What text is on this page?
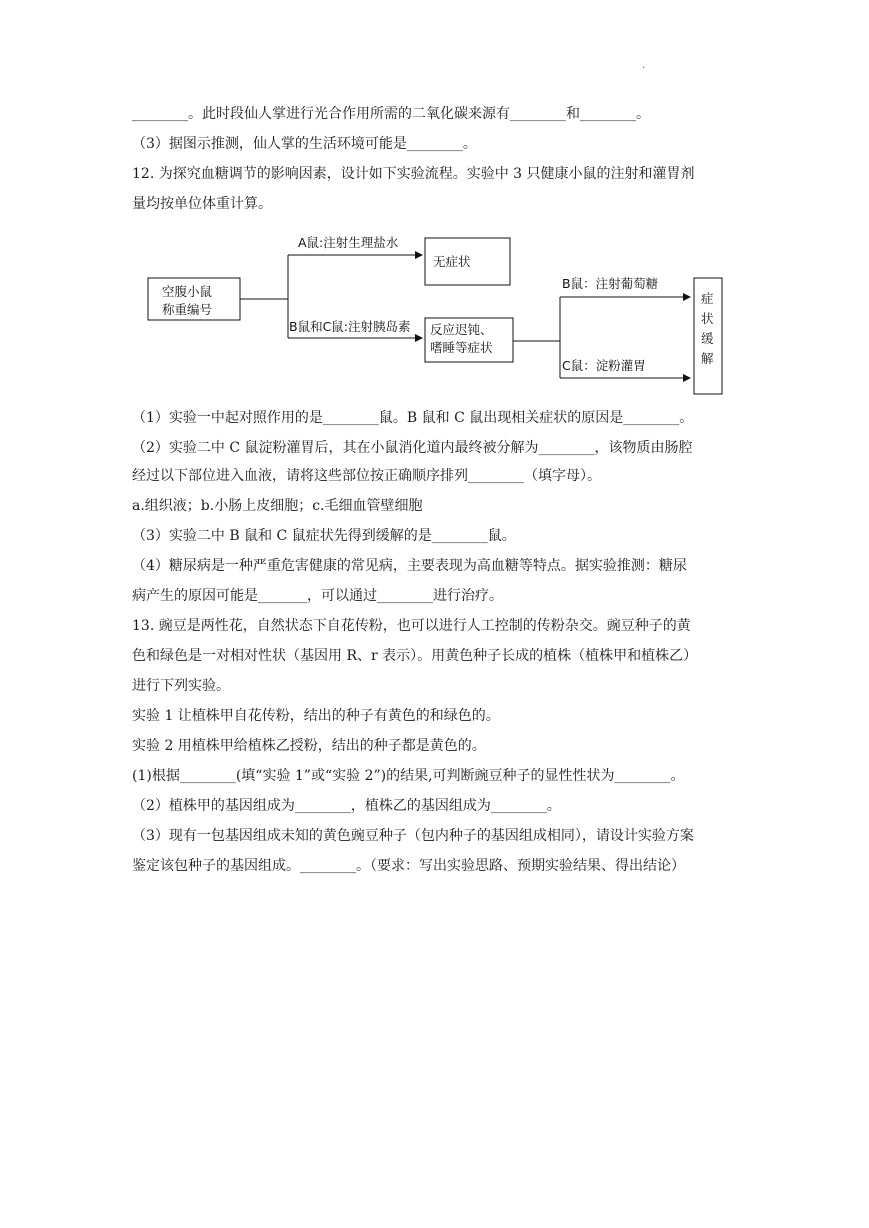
.
________。此时段仙人掌进行光合作用所需的二氧化碳来源有________和________。
（3）据图示推测，仙人掌的生活环境可能是________。
12. 为探究血糖调节的影响因素，设计如下实验流程。实验中 3 只健康小鼠的注射和灌胃剂
量均按单位体重计算。
空腹小鼠
称重编号
A鼠:注射生理盐水
无症状
B鼠和C鼠:注射胰岛素 反应迟钝、
嗜睡等症状
B鼠：注射葡萄糖
C鼠：淀粉灌胃
症
状
缓
解
（1）实验一中起对照作用的是________鼠。B 鼠和 C 鼠出现相关症状的原因是________。
（2）实验二中 C 鼠淀粉灌胃后，其在小鼠消化道内最终被分解为________，该物质由肠腔
经过以下部位进入血液，请将这些部位按正确顺序排列________（填字母）。
a.组织液；b.小肠上皮细胞；c.毛细血管壁细胞
（3）实验二中 B 鼠和 C 鼠症状先得到缓解的是________鼠。
（4）糖尿病是一种严重危害健康的常见病，主要表现为高血糖等特点。据实验推测：糖尿
病产生的原因可能是_______，可以通过________进行治疗。
13. 豌豆是两性花，自然状态下自花传粉，也可以进行人工控制的传粉杂交。豌豆种子的黄
色和绿色是一对相对性状（基因用 R、r 表示）。用黄色种子长成的植株（植株甲和植株乙）
进行下列实验。
实验 1 让植株甲自花传粉，结出的种子有黄色的和绿色的。
实验 2 用植株甲给植株乙授粉，结出的种子都是黄色的。
(1)根据________(填“实验 1”或“实验 2”)的结果,可判断豌豆种子的显性性状为________。
（2）植株甲的基因组成为________，植株乙的基因组成为________。
（3）现有一包基因组成未知的黄色豌豆种子（包内种子的基因组成相同），请设计实验方案
鉴定该包种子的基因组成。________。（要求：写出实验思路、预期实验结果、得出结论）
